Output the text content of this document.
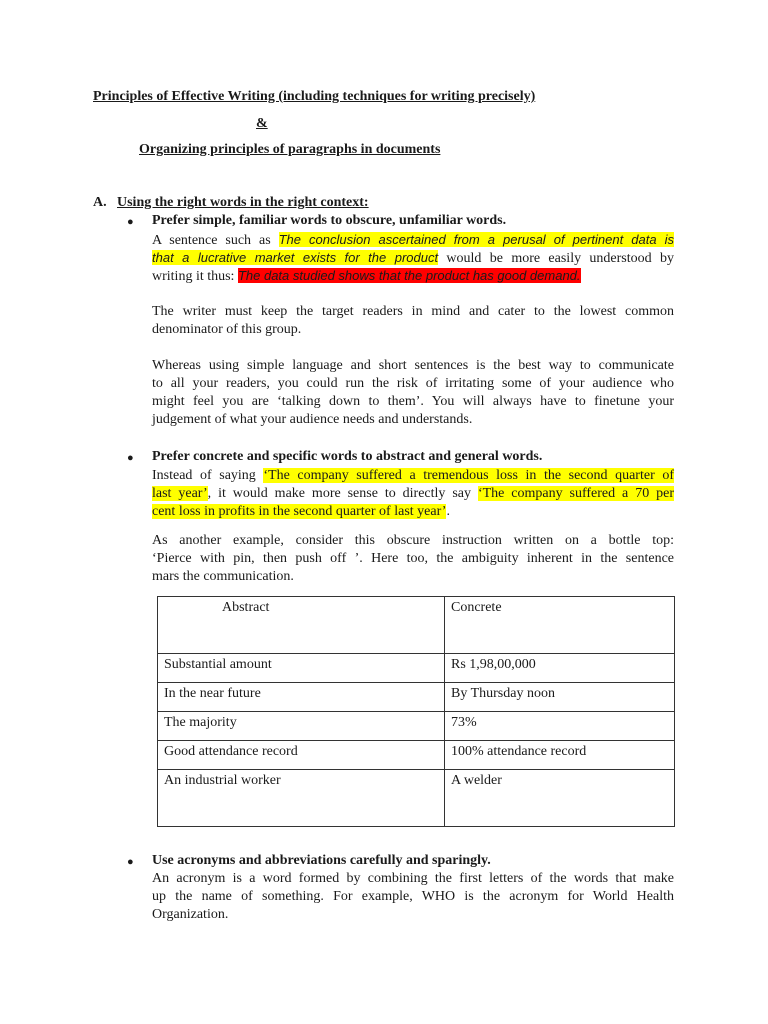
Principles of Effective Writing (including techniques for writing precisely)
&
Organizing principles of paragraphs in documents
A. Using the right words in the right context:
● Prefer simple, familiar words to obscure, unfamiliar words.
A sentence such as The conclusion ascertained from a perusal of pertinent data is
that a lucrative market exists for the product would be more easily understood by
writing it thus: The data studied shows that the product has good demand.
The writer must keep the target readers in mind and cater to the lowest common
denominator of this group.
Whereas using simple language and short sentences is the best way to communicate
to all your readers, you could run the risk of irritating some of your audience who
might feel you are ‘talking down to them’. You will always have to finetune your
judgement of what your audience needs and understands.
● Prefer concrete and specific words to abstract and general words.
Instead of saying ‘The company suffered a tremendous loss in the second quarter of
last year’, it would make more sense to directly say ‘The company suffered a 70 per
cent loss in profits in the second quarter of last year’.
As another example, consider this obscure instruction written on a bottle top:
‘Pierce with pin, then push off ’. Here too, the ambiguity inherent in the sentence
mars the communication.
Abstract	Concrete
Substantial amount	Rs 1,98,00,000
In the near future	By Thursday noon
The majority	73%
Good attendance record	100% attendance record
An industrial worker	A welder
● Use acronyms and abbreviations carefully and sparingly.
An acronym is a word formed by combining the first letters of the words that make
up the name of something. For example, WHO is the acronym for World Health
Organization.
